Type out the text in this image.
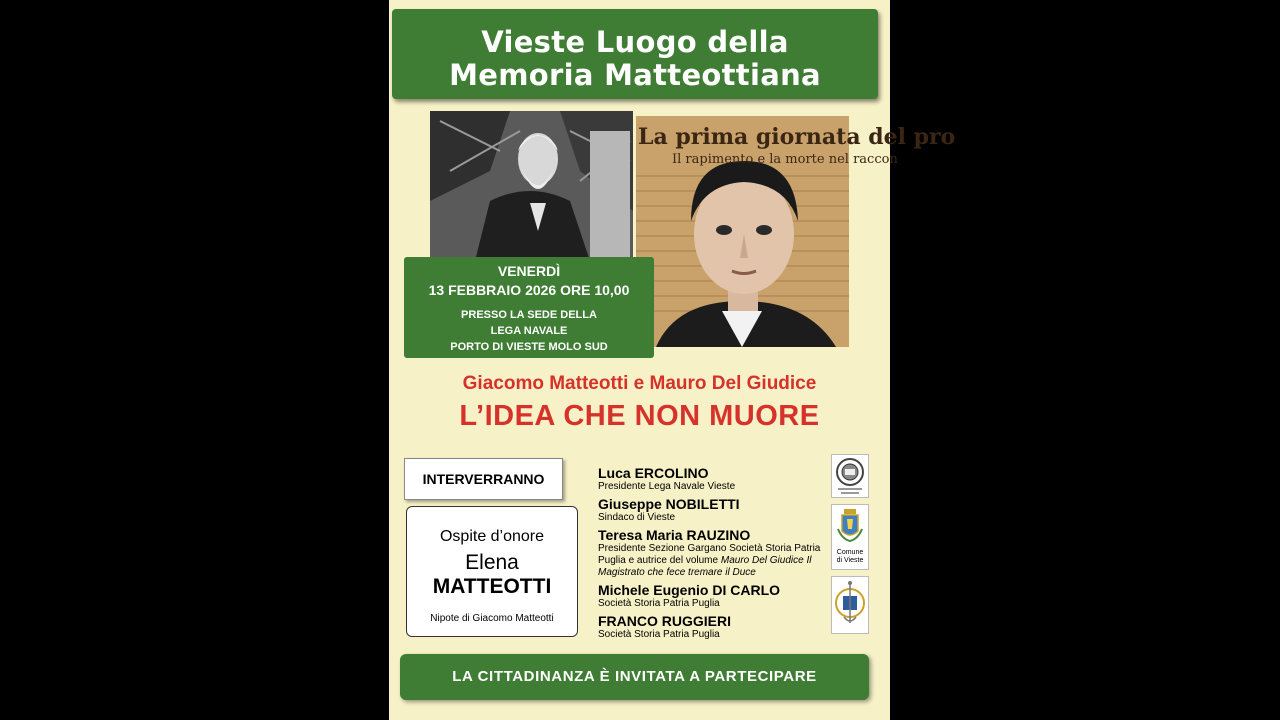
Vieste Luogo della
Memoria Matteottiana
La prima giornata del pro
Il rapimento e la morte nel raccon
VENERDÌ
13 FEBBRAIO 2026 ORE 10,00
PRESSO LA SEDE DELLA
LEGA NAVALE
PORTO DI VIESTE MOLO SUD
Giacomo Matteotti e Mauro Del Giudice
L’IDEA CHE NON MUORE
INTERVERRANNO
Ospite d’onore
Elena
MATTEOTTI
Nipote di Giacomo Matteotti
Luca ERCOLINO
Presidente Lega Navale Vieste
Giuseppe NOBILETTI
Sindaco di Vieste
Teresa Maria RAUZINO
Presidente Sezione Gargano Società Storia Patria Puglia e autrice del volume Mauro Del Giudice Il Magistrato che fece tremare il Duce
Michele Eugenio DI CARLO
Società Storia Patria Puglia
FRANCO RUGGIERI
Società Storia Patria Puglia
Comune
di Vieste
LA CITTADINANZA È INVITATA A PARTECIPARE
